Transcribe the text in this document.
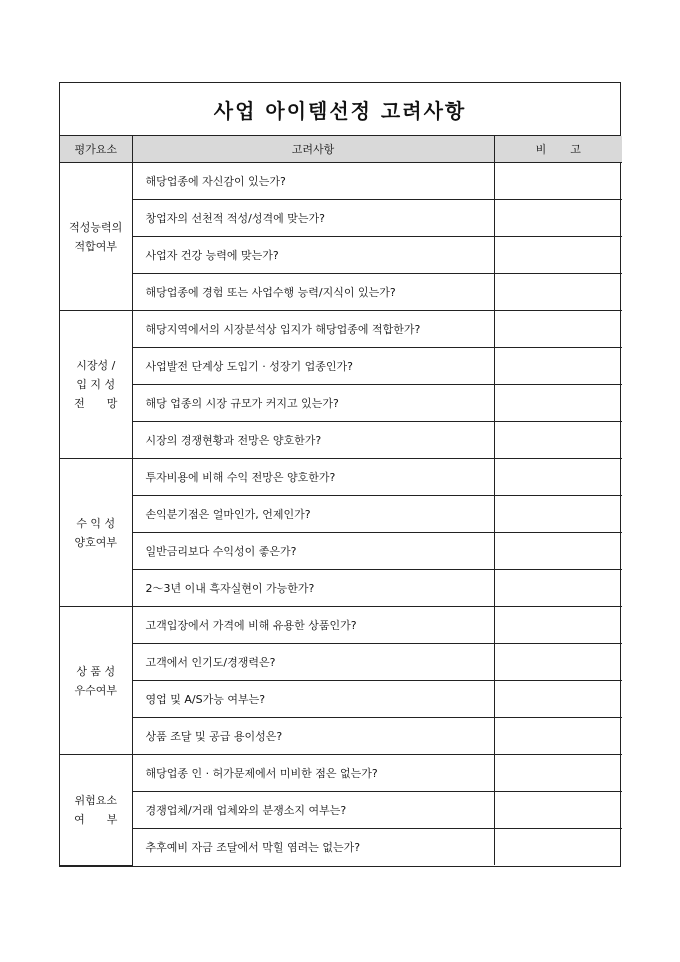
사업 아이템선정 고려사항
평가요소	고려사항	비고
적성능력의
적합여부	해당업종에 자신감이 있는가?	
	창업자의 선천적 적성/성격에 맞는가?	
	사업자 건강 능력에 맞는가?	
	해당업종에 경험 또는 사업수행 능력/지식이 있는가?	
시장성 /
입 지 성
전　　망	해당지역에서의 시장분석상 입지가 해당업종에 적합한가?	
	사업발전 단계상 도입기 · 성장기 업종인가?	
	해당 업종의 시장 규모가 커지고 있는가?	
	시장의 경쟁현황과 전망은 양호한가?	
수 익 성
양호여부	투자비용에 비해 수익 전망은 양호한가?	
	손익분기점은 얼마인가, 언제인가?	
	일반금리보다 수익성이 좋은가?	
	2～3년 이내 흑자실현이 가능한가?	
상 품 성
우수여부	고객입장에서 가격에 비해 유용한 상품인가?	
	고객에서 인기도/경쟁력은?	
	영업 및 A/S가능 여부는?	
	상품 조달 및 공급 용이성은?	
위험요소
여　　부	해당업종 인 · 허가문제에서 미비한 점은 없는가?	
	경쟁업체/거래 업체와의 분쟁소지 여부는?	
	추후예비 자금 조달에서 막힐 염려는 없는가?	
